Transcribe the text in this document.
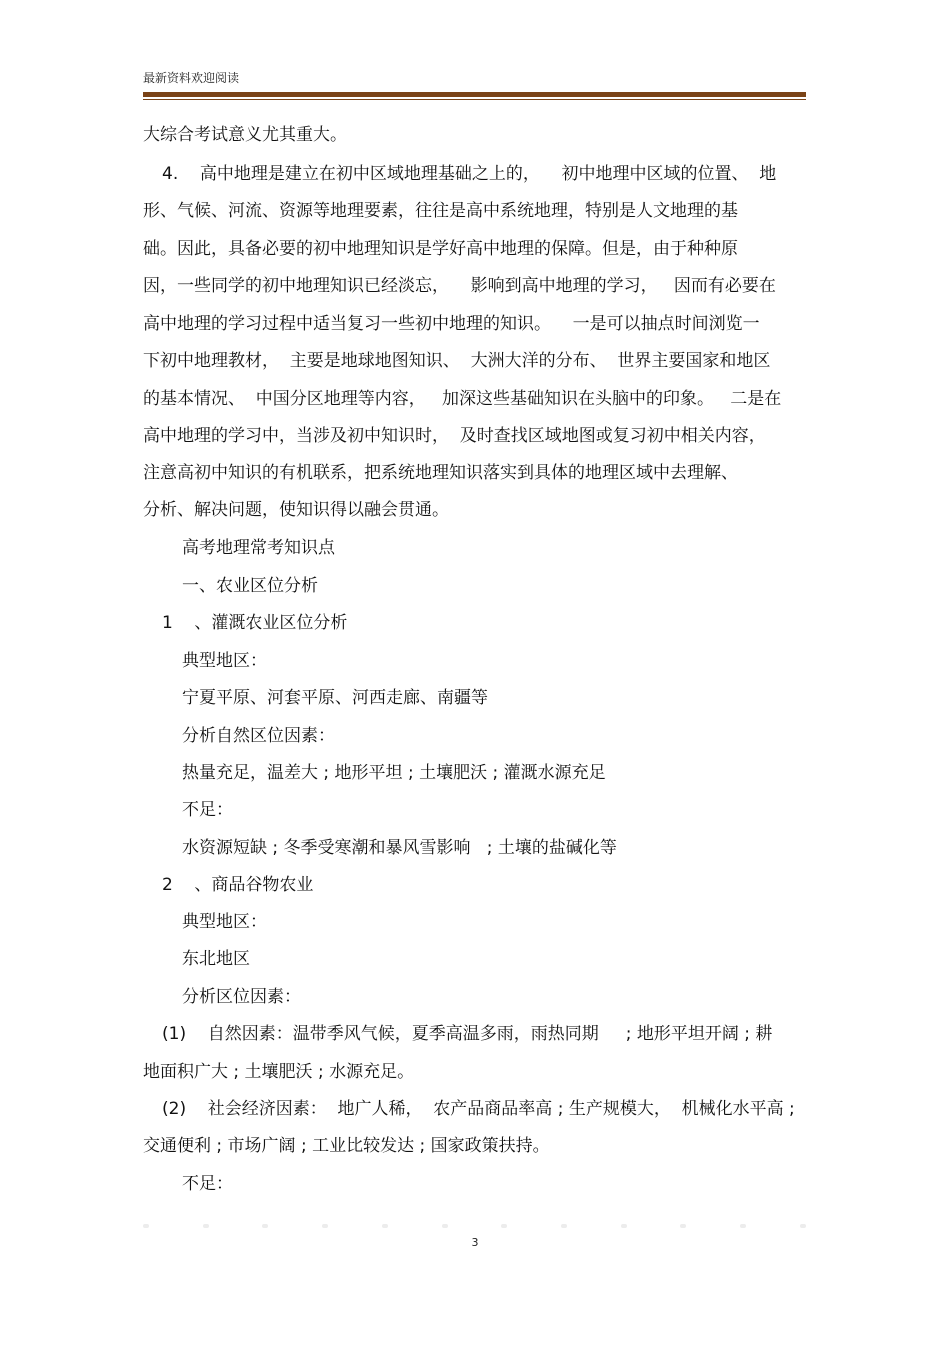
最新资料欢迎阅读
大综合考试意义尤其重大。
4.    高中地理是建立在初中区域地理基础之上的，    初中地理中区域的位置、  地
形、气候、河流、资源等地理要素，往往是高中系统地理，特别是人文地理的基
础。因此，具备必要的初中地理知识是学好高中地理的保障。但是，由于种种原
因，一些同学的初中地理知识已经淡忘，    影响到高中地理的学习，   因而有必要在
高中地理的学习过程中适当复习一些初中地理的知识。    一是可以抽点时间浏览一
下初中地理教材，  主要是地球地图知识、  大洲大洋的分布、  世界主要国家和地区
的基本情况、  中国分区地理等内容，   加深这些基础知识在头脑中的印象。   二是在
高中地理的学习中，当涉及初中知识时，  及时查找区域地图或复习初中相关内容，
注意高初中知识的有机联系，把系统地理知识落实到具体的地理区域中去理解、
分析、解决问题，使知识得以融会贯通。
高考地理常考知识点
一、农业区位分析
1    、灌溉农业区位分析
典型地区：
宁夏平原、河套平原、河西走廊、南疆等
分析自然区位因素：
热量充足，温差大 ; 地形平坦 ; 土壤肥沃 ; 灌溉水源充足
不足：
水资源短缺 ; 冬季受寒潮和暴风雪影响   ; 土壤的盐碱化等
2    、商品谷物农业
典型地区：
东北地区
分析区位因素：
(1)    自然因素：温带季风气候，夏季高温多雨，雨热同期     ; 地形平坦开阔 ; 耕
地面积广大 ; 土壤肥沃 ; 水源充足。
(2)    社会经济因素：  地广人稀，  农产品商品率高 ; 生产规模大，  机械化水平高 ;
交通便利 ; 市场广阔 ; 工业比较发达 ; 国家政策扶持。
不足：
3
